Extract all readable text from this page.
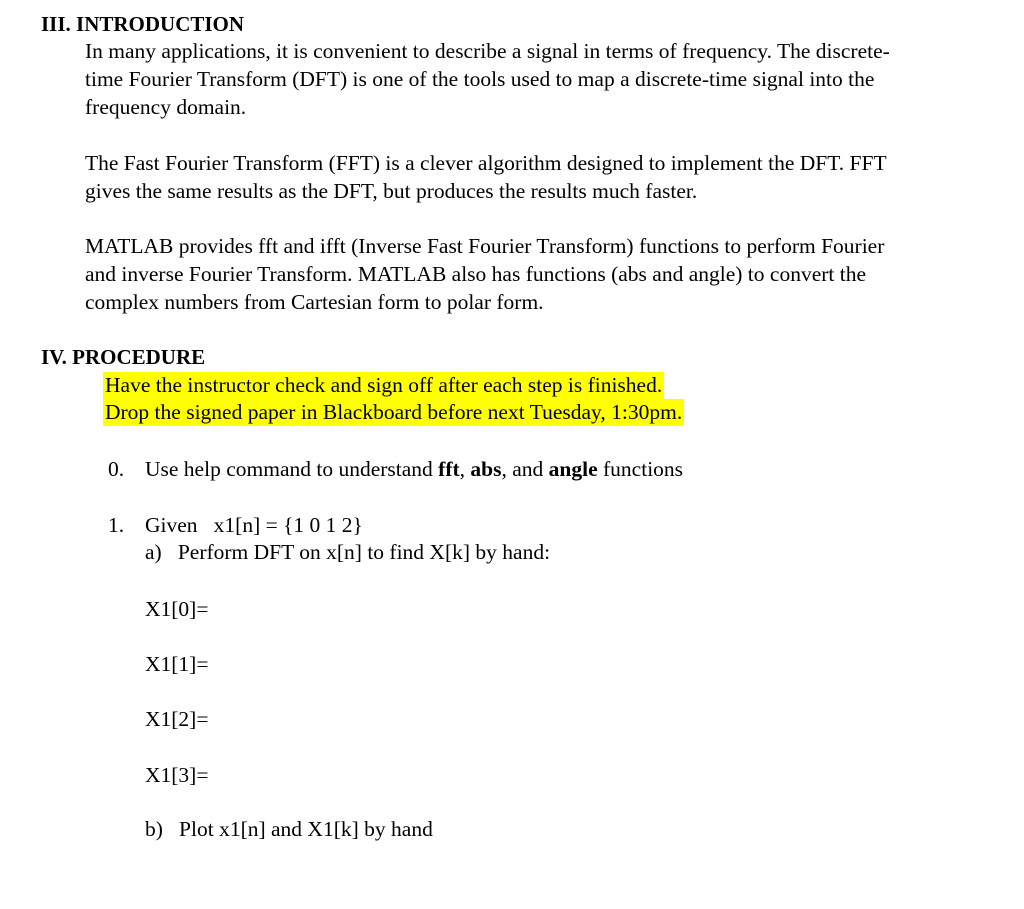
III. INTRODUCTION
In many applications, it is convenient to describe a signal in terms of frequency. The discrete-
time Fourier Transform (DFT) is one of the tools used to map a discrete-time signal into the
frequency domain.
The Fast Fourier Transform (FFT) is a clever algorithm designed to implement the DFT. FFT
gives the same results as the DFT, but produces the results much faster.
MATLAB provides fft and ifft (Inverse Fast Fourier Transform) functions to perform Fourier
and inverse Fourier Transform. MATLAB also has functions (abs and angle) to convert the
complex numbers from Cartesian form to polar form.
IV. PROCEDURE
Have the instructor check and sign off after each step is finished.
Drop the signed paper in Blackboard before next Tuesday, 1:30pm.
0. Use help command to understand fft, abs, and angle functions
1. Given   x1[n] = {1 0 1 2}
a)   Perform DFT on x[n] to find X[k] by hand:
X1[0]=
X1[1]=
X1[2]=
X1[3]=
b)   Plot x1[n] and X1[k] by hand
